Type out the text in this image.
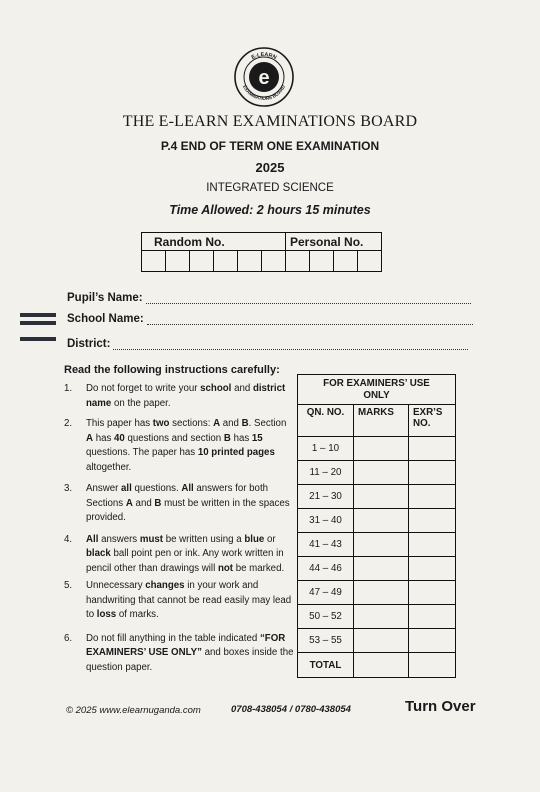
e
E-LEARN
EXAMINATIONS BOARD
THE E-LEARN EXAMINATIONS BOARD
P.4 END OF TERM ONE EXAMINATION
2025
INTEGRATED SCIENCE
Time Allowed: 2 hours 15 minutes
Random No.						Personal No.			

Pupil’s Name:
School Name:
District:
Read the following instructions carefully:
1.	Do not forget to write your school and district name on the paper.
2.	This paper has two sections: A and B. Section A has 40 questions and section B has 15 questions. The paper has 10 printed pages altogether.
3.	Answer all questions. All answers for both Sections A and B must be written in the spaces provided.
4.	All answers must be written using a blue or black ball point pen or ink. Any work written in pencil other than drawings will not be marked.
5.	Unnecessary changes in your work and handwriting that cannot be read easily may lead to loss of marks.
6.	Do not fill anything in the table indicated “FOR EXAMINERS’ USE ONLY” and boxes inside the question paper.
FOR EXAMINERS’ USE ONLY		
QN. NO.	MARKS	EXR’S NO.
1 – 10		
11 – 20		
21 – 30		
31 – 40		
41 – 43		
44 – 46		
47 – 49		
50 – 52		
53 – 55		
TOTAL		
© 2025 www.elearnuganda.com	0708-438054 / 0780-438054	Turn Over
